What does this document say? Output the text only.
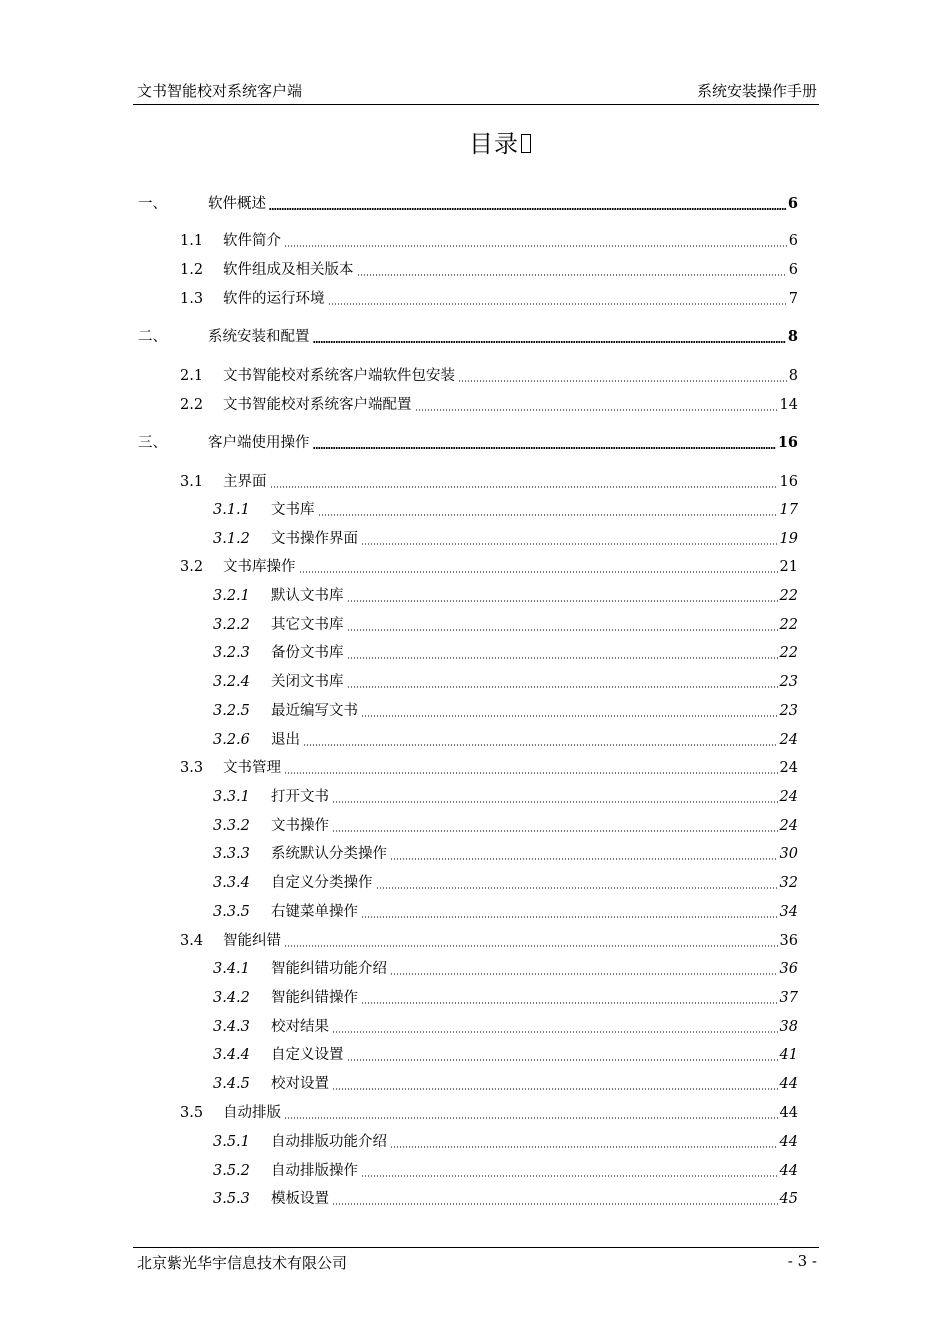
文书智能校对系统客户端	系统安装操作手册
目录
一、	软件概述	6
1.1 软件简介	6
1.2 软件组成及相关版本	6
1.3 软件的运行环境	7
二、	系统安装和配置	8
2.1 文书智能校对系统客户端软件包安装	8
2.2 文书智能校对系统客户端配置	14
三、	客户端使用操作	16
3.1 主界面	16
3.1.1 文书库	17
3.1.2 文书操作界面	19
3.2 文书库操作	21
3.2.1 默认文书库	22
3.2.2 其它文书库	22
3.2.3 备份文书库	22
3.2.4 关闭文书库	23
3.2.5 最近编写文书	23
3.2.6 退出	24
3.3 文书管理	24
3.3.1 打开文书	24
3.3.2 文书操作	24
3.3.3 系统默认分类操作	30
3.3.4 自定义分类操作	32
3.3.5 右键菜单操作	34
3.4 智能纠错	36
3.4.1 智能纠错功能介绍	36
3.4.2 智能纠错操作	37
3.4.3 校对结果	38
3.4.4 自定义设置	41
3.4.5 校对设置	44
3.5 自动排版	44
3.5.1 自动排版功能介绍	44
3.5.2 自动排版操作	44
3.5.3 模板设置	45
北京紫光华宇信息技术有限公司	- 3 -
